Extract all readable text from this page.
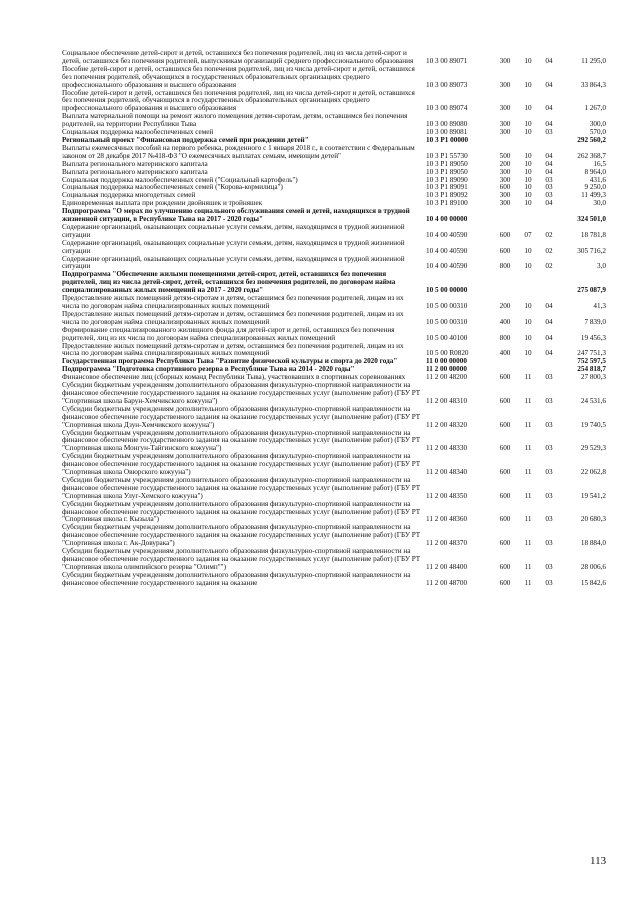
Социальное обеспечение детей-сирот и детей, оставшихся без попечения родителей, лиц из числа детей-сирот и детей, оставшихся без попечения родителей, выпускникам организаций среднего профессионального образования	10 3 00 89071	300	10	04	11 295,0
Пособие детей-сирот и детей, оставшихся без попечения родителей, лиц из числа детей-сирот и детей, оставшихся без попечения родителей, обучающихся в государственных образовательных организациях среднего профессионального образования и высшего образования	10 3 00 89073	300	10	04	33 864,3
Пособие детей-сирот и детей, оставшихся без попечения родителей, лиц из числа детей-сирот и детей, оставшихся без попечения родителей, обучающихся в государственных образовательных организациях среднего профессионального образования и высшего образования	10 3 00 89074	300	10	04	1 267,0
Выплата материальной помощи на ремонт жилого помещения детям-сиротам, детям, оставшимся без попечения родителей, на территории Республики Тыва	10 3 00 89080	300	10	04	300,0
Социальная поддержка малообеспеченных семей	10 3 00 89081	300	10	03	570,0
Региональный проект "Финансовая поддержка семей при рождении детей"	10 3 P1 00000				292 560,2
Выплаты ежемесячных пособий на первого ребенка, рожденного с 1 января 2018 г., в соответствии с Федеральным законом от 28 декабря 2017 №418-ФЗ "О ежемесячных выплатах семьям, имеющим детей"	10 3 P1 55730	500	10	04	262 368,7
Выплата регионального материнского капитала	10 3 P1 89050	200	10	04	16,5
Выплата регионального материнского капитала	10 3 P1 89050	300	10	04	8 964,0
Социальная поддержка малообеспеченных семей ("Социальный картофель")	10 3 P1 89090	300	10	03	431,6
Социальная поддержка малообеспеченных семей ("Корова-кормилица")	10 3 P1 89091	600	10	03	9 250,0
Социальная поддержка многодетных семей	10 3 P1 89092	300	10	03	11 499,3
Единовременная выплата при рождении двойняшек и тройняшек	10 3 P1 89100	300	10	04	30,0
Подпрограмма "О мерах по улучшению социального обслуживания семей и детей, находящихся в трудной жизненной ситуации, в Республике Тыва на 2017 - 2020 годы"	10 4 00 00000				324 501,0
Содержание организаций, оказывающих социальные услуги семьям, детям, находящимся в трудной жизненной ситуации	10 4 00 40590	600	07	02	18 781,8
Содержание организаций, оказывающих социальные услуги семьям, детям, находящимся в трудной жизненной ситуации	10 4 00 40590	600	10	02	305 716,2
Содержание организаций, оказывающих социальные услуги семьям, детям, находящимся в трудной жизненной ситуации	10 4 00 40590	800	10	02	3,0
Подпрограмма "Обеспечение жилыми помещениями детей-сирот, детей, оставшихся без попечения родителей, лиц из числа детей-сирот, детей, оставшихся без попечения родителей, по договорам найма специализированных жилых помещений на 2017 - 2020 годы"	10 5 00 00000				275 087,9
Предоставление жилых помещений детям-сиротам и детям, оставшимся без попечения родителей, лицам из их числа по договорам найма специализированных жилых помещений	10 5 00 00310	200	10	04	41,3
Предоставление жилых помещений детям-сиротам и детям, оставшимся без попечения родителей, лицам из их числа по договорам найма специализированных жилых помещений	10 5 00 00310	400	10	04	7 839,0
Формирование специализированного жилищного фонда для детей-сирот и детей, оставшихся без попечения родителей, лиц из их числа по договорам найма специализированных жилых помещений	10 5 00 40100	800	10	04	19 456,3
Предоставление жилых помещений детям-сиротам и детям, оставшимся без попечения родителей, лицам из их числа по договорам найма специализированных жилых помещений	10 5 00 R0820	400	10	04	247 751,3
Государственная программа Республики Тыва "Развитие физической культуры и спорта до 2020 года"	11 0 00 00000				752 597,5
Подпрограмма "Подготовка спортивного резерва в Республике Тыва на 2014 - 2020 годы"	11 2 00 00000				254 818,7
Финансовое обеспечение лиц (сборных команд Республики Тыва), участвовавших в спортивных соревнованиях	11 2 00 48200	600	11	03	27 800,3
Субсидии бюджетным учреждениям дополнительного образования физкультурно-спортивной направленности на финансовое обеспечение государственного задания на оказание государственных услуг (выполнение работ) (ГБУ РТ "Спортивная школа Барун-Хемчикского кожууна")	11 2 00 48310	600	11	03	24 531,6
Субсидии бюджетным учреждениям дополнительного образования физкультурно-спортивной направленности на финансовое обеспечение государственного задания на оказание государственных услуг (выполнение работ) (ГБУ РТ "Спортивная школа Дзун-Хемчикского кожууна")	11 2 00 48320	600	11	03	19 740,5
Субсидии бюджетным учреждениям дополнительного образования физкультурно-спортивной направленности на финансовое обеспечение государственного задания на оказание государственных услуг (выполнение работ) (ГБУ РТ "Спортивная школа Монгун-Тайгинского кожууна")	11 2 00 48330	600	11	03	29 529,3
Субсидии бюджетным учреждениям дополнительного образования физкультурно-спортивной направленности на финансовое обеспечение государственного задания на оказание государственных услуг (выполнение работ) (ГБУ РТ "Спортивная школа Овюрского кожууна")	11 2 00 48340	600	11	03	22 062,8
Субсидии бюджетным учреждениям дополнительного образования физкультурно-спортивной направленности на финансовое обеспечение государственного задания на оказание государственных услуг (выполнение работ) (ГБУ РТ "Спортивная школа Улуг-Хемского кожууна")	11 2 00 48350	600	11	03	19 541,2
Субсидии бюджетным учреждениям дополнительного образования физкультурно-спортивной направленности на финансовое обеспечение государственного задания на оказание государственных услуг (выполнение работ) (ГБУ РТ "Спортивная школа г. Кызыла")	11 2 00 48360	600	11	03	20 680,3
Субсидии бюджетным учреждениям дополнительного образования физкультурно-спортивной направленности на финансовое обеспечение государственного задания на оказание государственных услуг (выполнение работ) (ГБУ РТ "Спортивная школа г. Ак-Довурака")	11 2 00 48370	600	11	03	18 884,0
Субсидии бюджетным учреждениям дополнительного образования физкультурно-спортивной направленности на финансовое обеспечение государственного задания на оказание государственных услуг (выполнение работ) (ГБУ РТ "Спортивная школа олимпийского резерва "Олимп"")	11 2 00 48400	600	11	03	28 006,6
Субсидии бюджетным учреждениям дополнительного образования физкультурно-спортивной направленности на финансовое обеспечение государственного задания на оказание	11 2 00 48700	600	11	03	15 842,6
113
